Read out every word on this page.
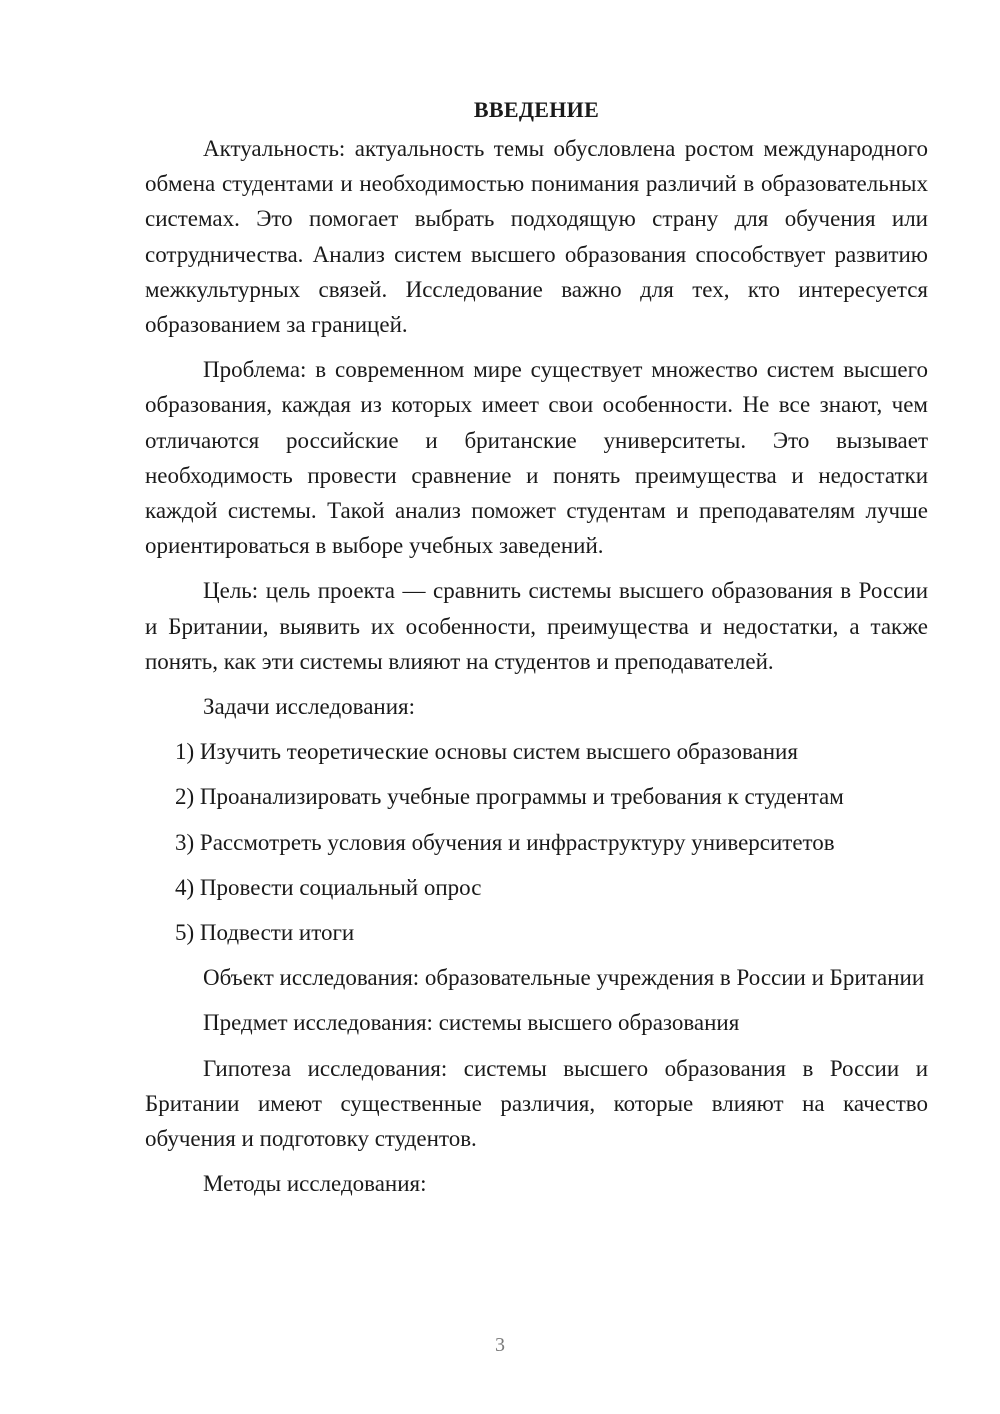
ВВЕДЕНИЕ

Актуальность: актуальность темы обусловлена ростом международного обмена студентами и необходимостью понимания различий в образовательных системах. Это помогает выбрать подходящую страну для обучения или сотрудничества. Анализ систем высшего образования способствует развитию межкультурных связей. Исследование важно для тех, кто интересуется образованием за границей.

Проблема: в современном мире существует множество систем высшего образования, каждая из которых имеет свои особенности. Не все знают, чем отличаются российские и британские университеты. Это вызывает необходимость провести сравнение и понять преимущества и недостатки каждой системы. Такой анализ поможет студентам и преподавателям лучше ориентироваться в выборе учебных заведений.

Цель: цель проекта — сравнить системы высшего образования в России и Британии, выявить их особенности, преимущества и недостатки, а также понять, как эти системы влияют на студентов и преподавателей.

Задачи исследования:

1) Изучить теоретические основы систем высшего образования
2) Проанализировать учебные программы и требования к студентам
3) Рассмотреть условия обучения и инфраструктуру университетов
4) Провести социальный опрос
5) Подвести итоги

Объект исследования: образовательные учреждения в России и Британии

Предмет исследования: системы высшего образования

Гипотеза исследования: системы высшего образования в России и Британии имеют существенные различия, которые влияют на качество обучения и подготовку студентов.

Методы исследования:

3
